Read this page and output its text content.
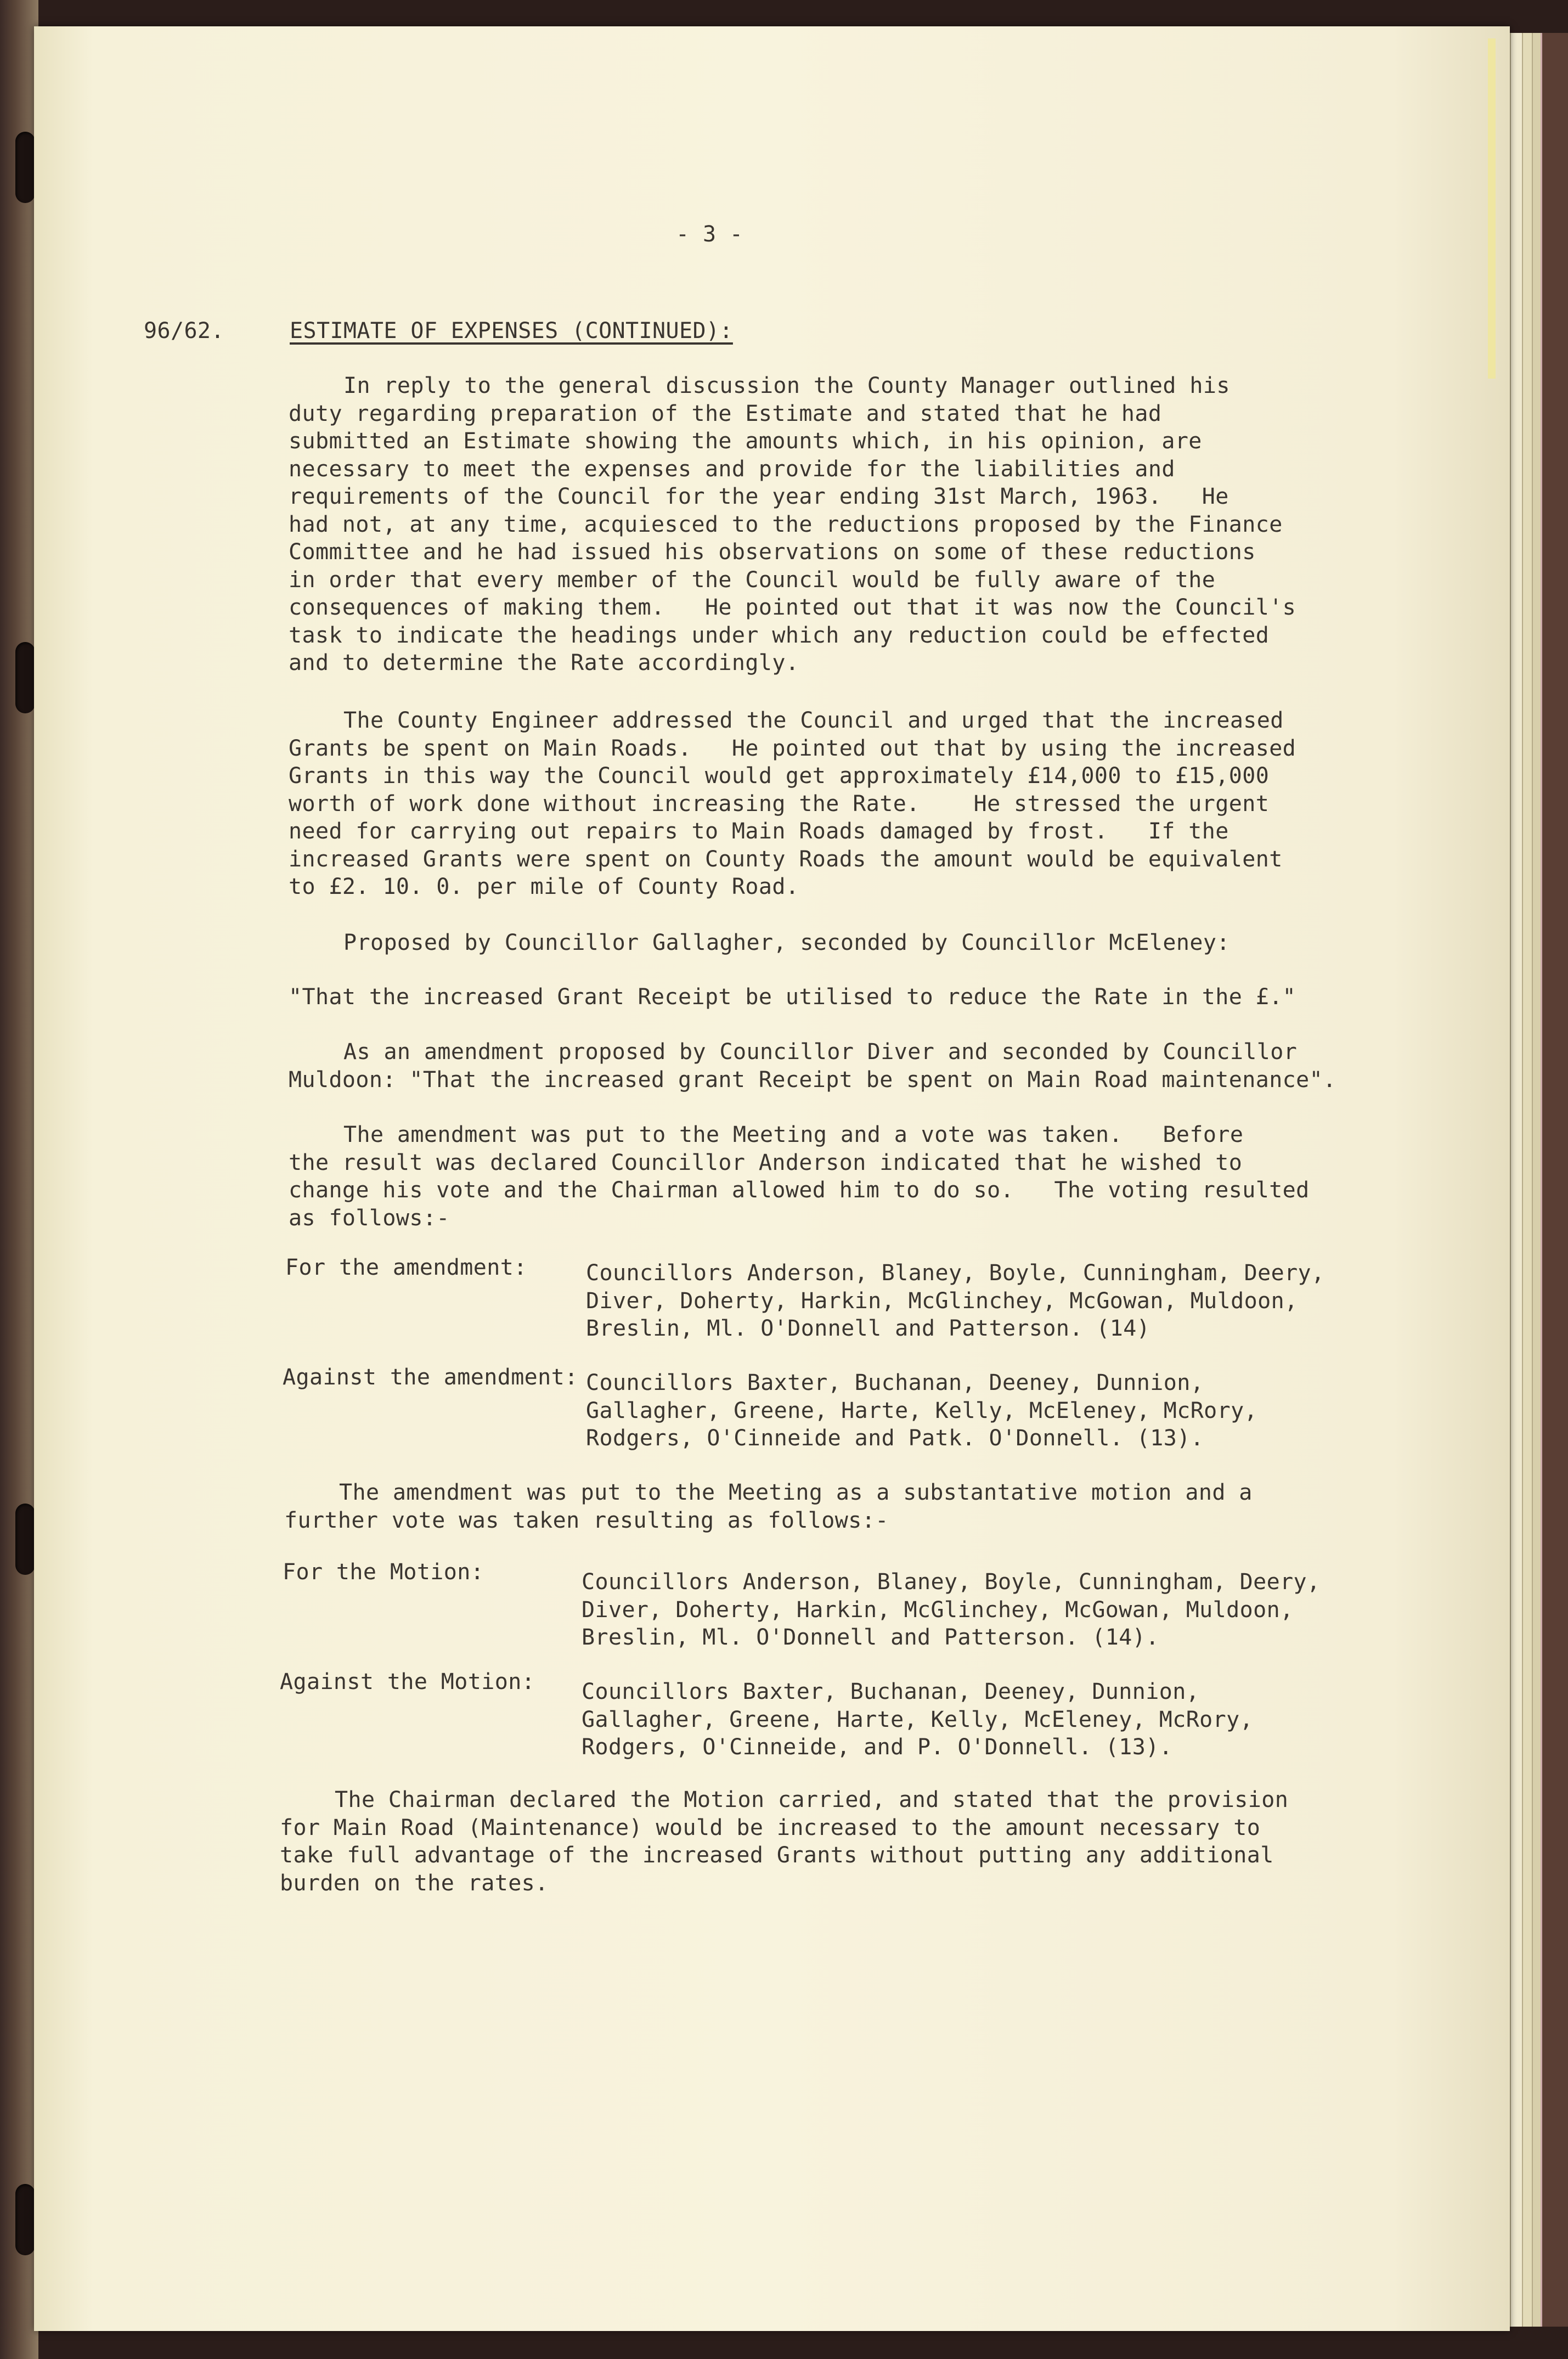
- 3 -
96/62.	ESTIMATE OF EXPENSES (CONTINUED):
In reply to the general discussion the County Manager outlined his
duty regarding preparation of the Estimate and stated that he had
submitted an Estimate showing the amounts which, in his opinion, are
necessary to meet the expenses and provide for the liabilities and
requirements of the Council for the year ending 31st March, 1963.   He
had not, at any time, acquiesced to the reductions proposed by the Finance
Committee and he had issued his observations on some of these reductions
in order that every member of the Council would be fully aware of the
consequences of making them.   He pointed out that it was now the Council's
task to indicate the headings under which any reduction could be effected
and to determine the Rate accordingly.
The County Engineer addressed the Council and urged that the increased
Grants be spent on Main Roads.   He pointed out that by using the increased
Grants in this way the Council would get approximately £14,000 to £15,000
worth of work done without increasing the Rate.    He stressed the urgent
need for carrying out repairs to Main Roads damaged by frost.   If the
increased Grants were spent on County Roads the amount would be equivalent
to £2. 10. 0. per mile of County Road.
Proposed by Councillor Gallagher, seconded by Councillor McEleney:
"That the increased Grant Receipt be utilised to reduce the Rate in the £."
As an amendment proposed by Councillor Diver and seconded by Councillor
Muldoon: "That the increased grant Receipt be spent on Main Road maintenance".
The amendment was put to the Meeting and a vote was taken.   Before
the result was declared Councillor Anderson indicated that he wished to
change his vote and the Chairman allowed him to do so.   The voting resulted
as follows:-
For the amendment:	Councillors Anderson, Blaney, Boyle, Cunningham, Deery,
Diver, Doherty, Harkin, McGlinchey, McGowan, Muldoon,
Breslin, Ml. O'Donnell and Patterson. (14)
Against the amendment: Councillors Baxter, Buchanan, Deeney, Dunnion,
Gallagher, Greene, Harte, Kelly, McEleney, McRory,
Rodgers, O'Cinneide and Patk. O'Donnell. (13).
The amendment was put to the Meeting as a substantative motion and a
further vote was taken resulting as follows:-
For the Motion:	Councillors Anderson, Blaney, Boyle, Cunningham, Deery,
Diver, Doherty, Harkin, McGlinchey, McGowan, Muldoon,
Breslin, Ml. O'Donnell and Patterson. (14).
Against the Motion: Councillors Baxter, Buchanan, Deeney, Dunnion,
Gallagher, Greene, Harte, Kelly, McEleney, McRory,
Rodgers, O'Cinneide, and P. O'Donnell. (13).
The Chairman declared the Motion carried, and stated that the provision
for Main Road (Maintenance) would be increased to the amount necessary to
take full advantage of the increased Grants without putting any additional
burden on the rates.
